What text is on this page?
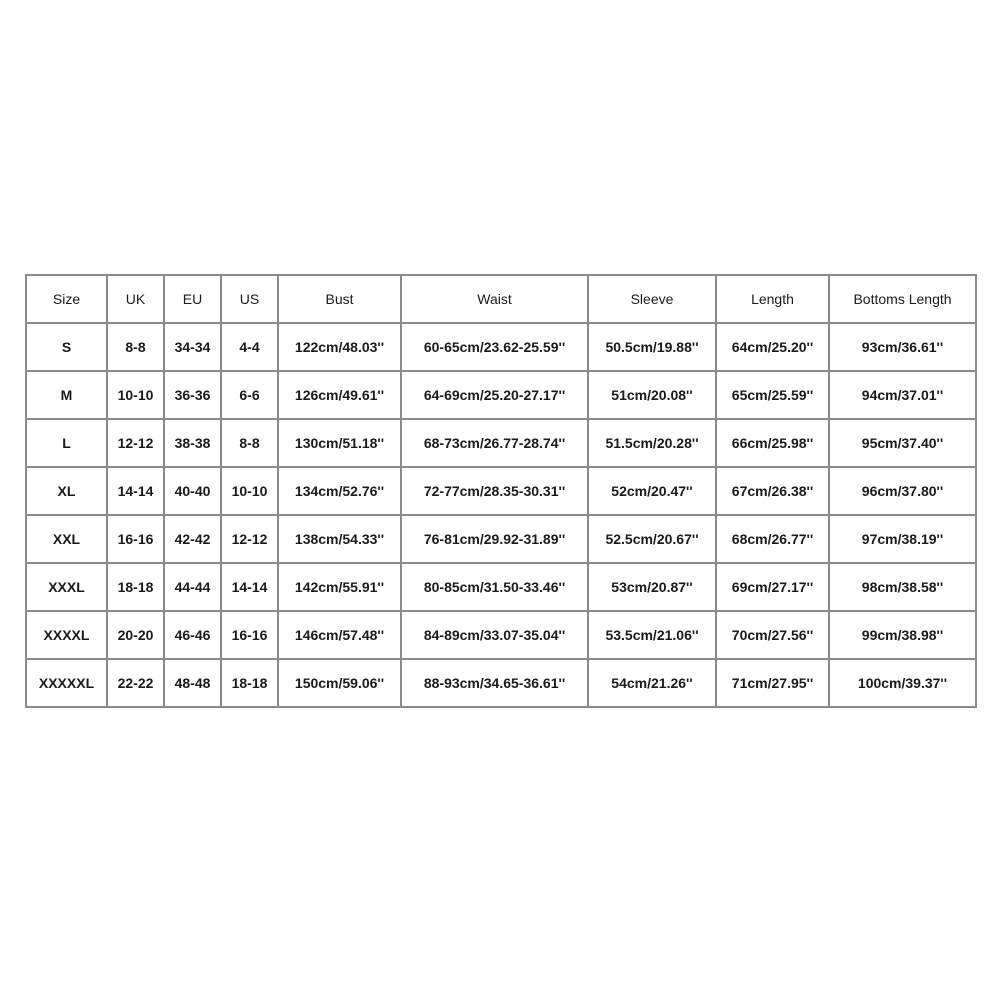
Size	UK	EU	US	Bust	Waist	Sleeve	Length	Bottoms Length
S	8-8	34-34	4-4	122cm/48.03''	60-65cm/23.62-25.59''	50.5cm/19.88''	64cm/25.20''	93cm/36.61''
M	10-10	36-36	6-6	126cm/49.61''	64-69cm/25.20-27.17''	51cm/20.08''	65cm/25.59''	94cm/37.01''
L	12-12	38-38	8-8	130cm/51.18''	68-73cm/26.77-28.74''	51.5cm/20.28''	66cm/25.98''	95cm/37.40''
XL	14-14	40-40	10-10	134cm/52.76''	72-77cm/28.35-30.31''	52cm/20.47''	67cm/26.38''	96cm/37.80''
XXL	16-16	42-42	12-12	138cm/54.33''	76-81cm/29.92-31.89''	52.5cm/20.67''	68cm/26.77''	97cm/38.19''
XXXL	18-18	44-44	14-14	142cm/55.91''	80-85cm/31.50-33.46''	53cm/20.87''	69cm/27.17''	98cm/38.58''
XXXXL	20-20	46-46	16-16	146cm/57.48''	84-89cm/33.07-35.04''	53.5cm/21.06''	70cm/27.56''	99cm/38.98''
XXXXXL	22-22	48-48	18-18	150cm/59.06''	88-93cm/34.65-36.61''	54cm/21.26''	71cm/27.95''	100cm/39.37''
